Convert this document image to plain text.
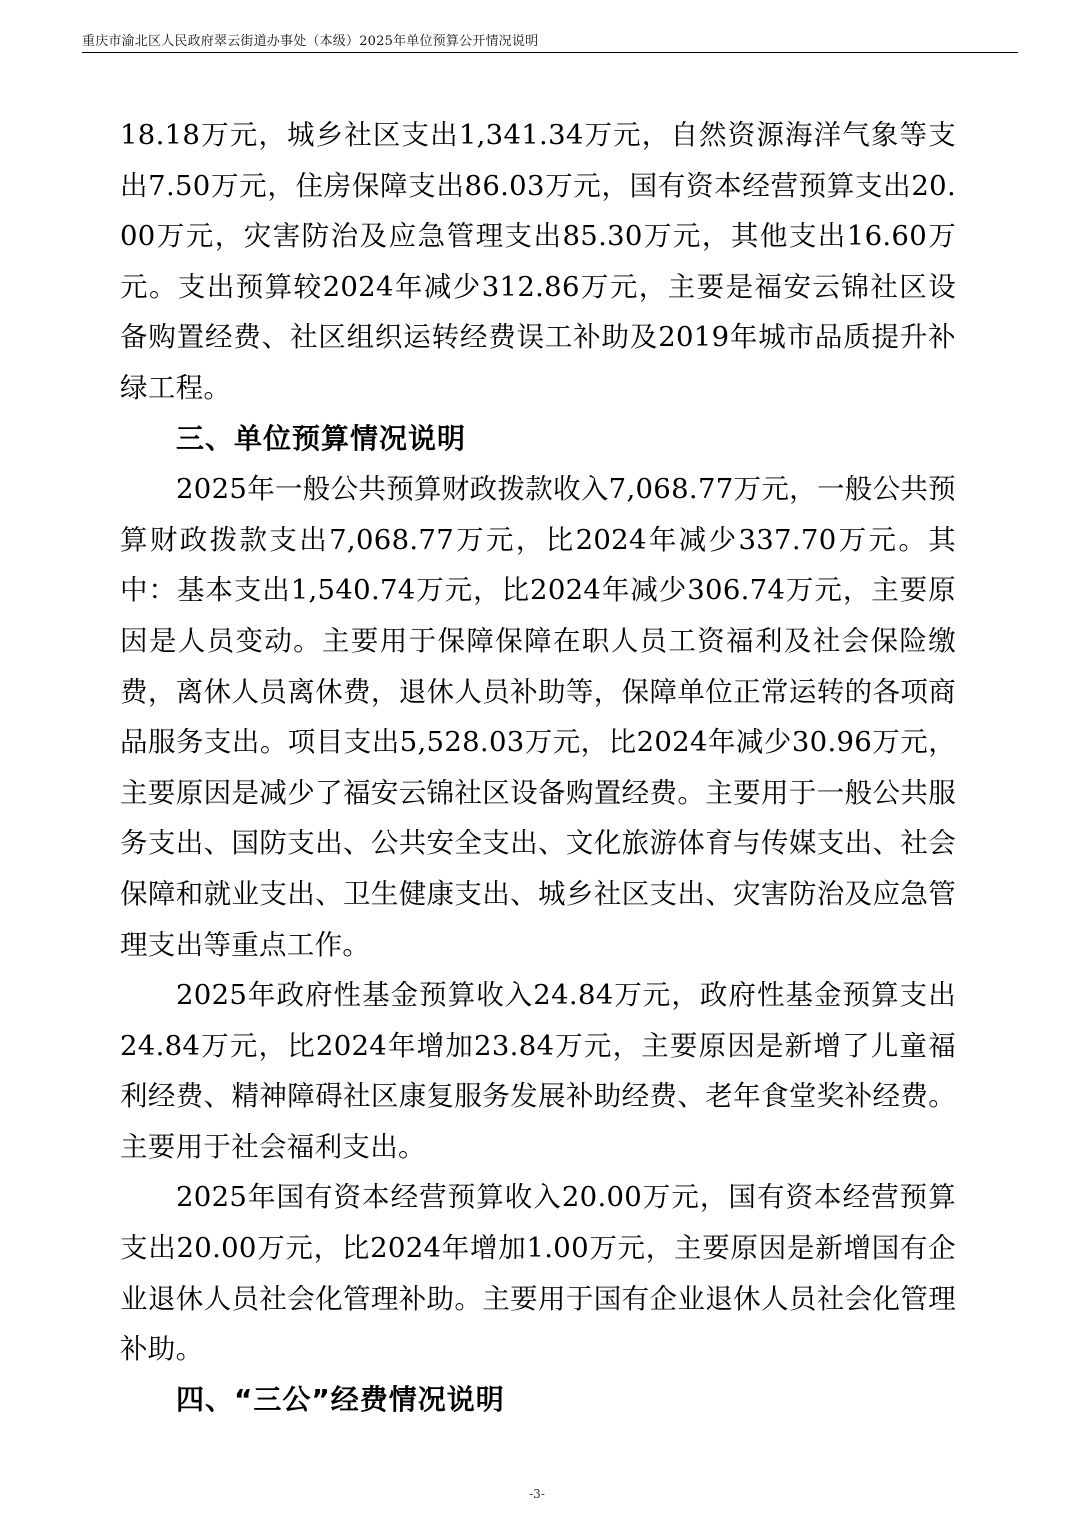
重庆市渝北区人民政府翠云街道办事处（本级）2025年单位预算公开情况说明

18.18万元，城乡社区支出1,341.34万元，自然资源海洋气象等支出7.50万元，住房保障支出86.03万元，国有资本经营预算支出20.00万元，灾害防治及应急管理支出85.30万元，其他支出16.60万元。支出预算较2024年减少312.86万元，主要是福安云锦社区设备购置经费、社区组织运转经费误工补助及2019年城市品质提升补绿工程。

三、单位预算情况说明

2025年一般公共预算财政拨款收入7,068.77万元，一般公共预算财政拨款支出7,068.77万元，比2024年减少337.70万元。其中：基本支出1,540.74万元，比2024年减少306.74万元，主要原因是人员变动。主要用于保障保障在职人员工资福利及社会保险缴费，离休人员离休费，退休人员补助等，保障单位正常运转的各项商品服务支出。项目支出5,528.03万元，比2024年减少30.96万元，主要原因是减少了福安云锦社区设备购置经费。主要用于一般公共服务支出、国防支出、公共安全支出、文化旅游体育与传媒支出、社会保障和就业支出、卫生健康支出、城乡社区支出、灾害防治及应急管理支出等重点工作。

2025年政府性基金预算收入24.84万元，政府性基金预算支出24.84万元，比2024年增加23.84万元，主要原因是新增了儿童福利经费、精神障碍社区康复服务发展补助经费、老年食堂奖补经费。主要用于社会福利支出。

2025年国有资本经营预算收入20.00万元，国有资本经营预算支出20.00万元，比2024年增加1.00万元，主要原因是新增国有企业退休人员社会化管理补助。主要用于国有企业退休人员社会化管理补助。

四、“三公”经费情况说明
-3-
